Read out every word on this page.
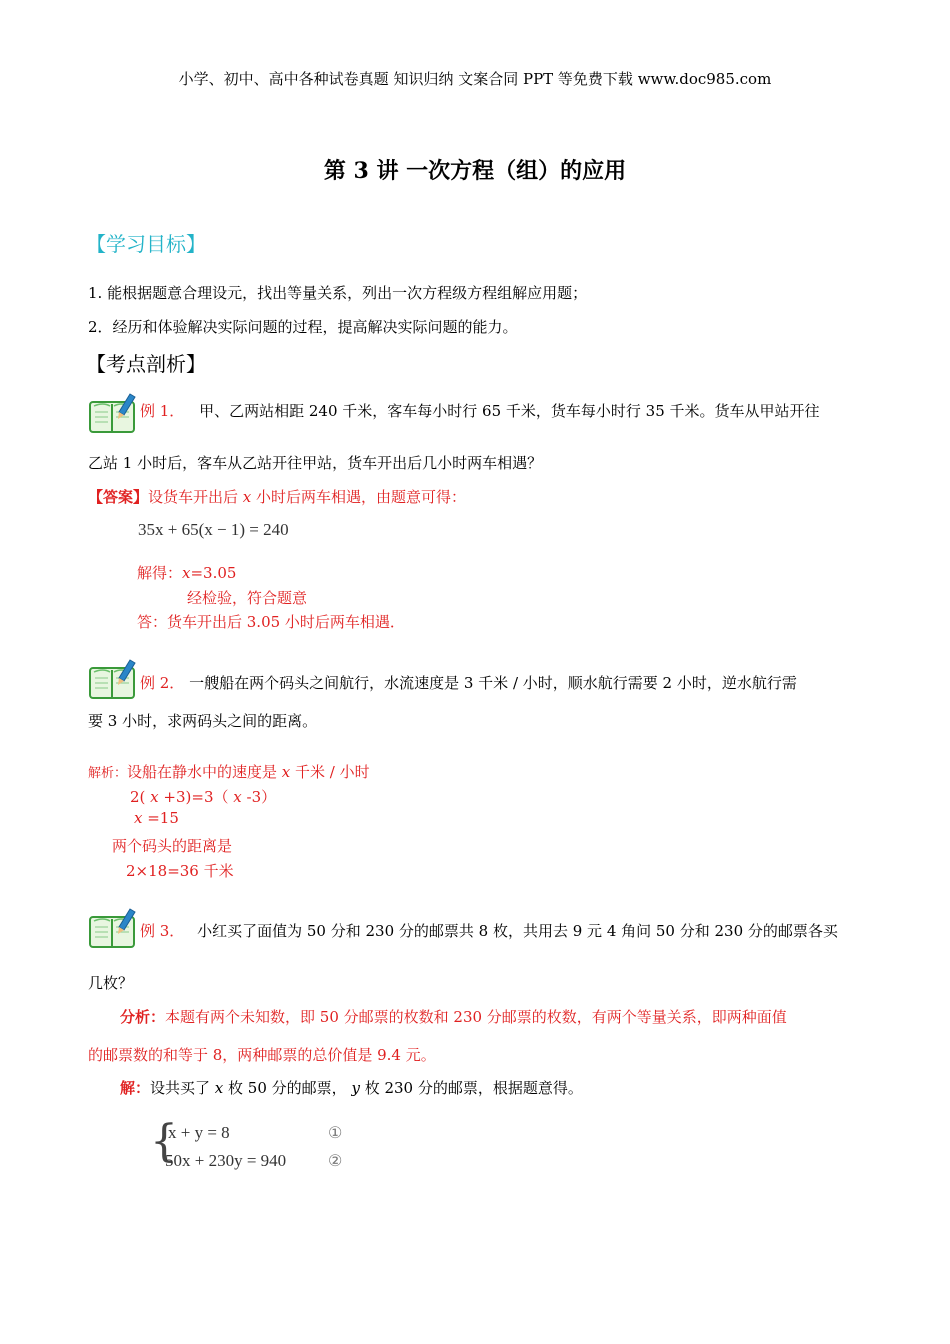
小学、初中、高中各种试卷真题 知识归纳 文案合同 PPT 等免费下载 www.doc985.com
第 3 讲 一次方程（组）的应用
【学习目标】
1. 能根据题意合理设元，找出等量关系，列出一次方程级方程组解应用题；
2．经历和体验解决实际问题的过程，提高解决实际问题的能力。
【考点剖析】
例 1． 甲、乙两站相距 240 千米，客车每小时行 65 千米，货车每小时行 35 千米。货车从甲站开往
乙站 1 小时后，客车从乙站开往甲站，货车开出后几小时两车相遇？
【答案】设货车开出后 x 小时后两车相遇，由题意可得：
35x + 65(x − 1) = 240
解得：x=3.05
经检验，符合题意
答：货车开出后 3.05 小时后两车相遇．
例 2． 一艘船在两个码头之间航行，水流速度是 3 千米 / 小时，顺水航行需要 2 小时，逆水航行需
要 3 小时，求两码头之间的距离。
解析：设船在静水中的速度是 x 千米 / 小时
2( x +3)=3（ x -3）
x =15
两个码头的距离是
2×18=36 千米
例 3． 小红买了面值为 50 分和 230 分的邮票共 8 枚，共用去 9 元 4 角问 50 分和 230 分的邮票各买
几枚？
分析：本题有两个未知数，即 50 分邮票的枚数和 230 分邮票的枚数，有两个等量关系，即两种面值
的邮票数的和等于 8，两种邮票的总价值是 9.4 元。
解：设共买了 x 枚 50 分的邮票， y 枚 230 分的邮票，根据题意得。
{
x + y = 8
50x + 230y = 940
①
②
